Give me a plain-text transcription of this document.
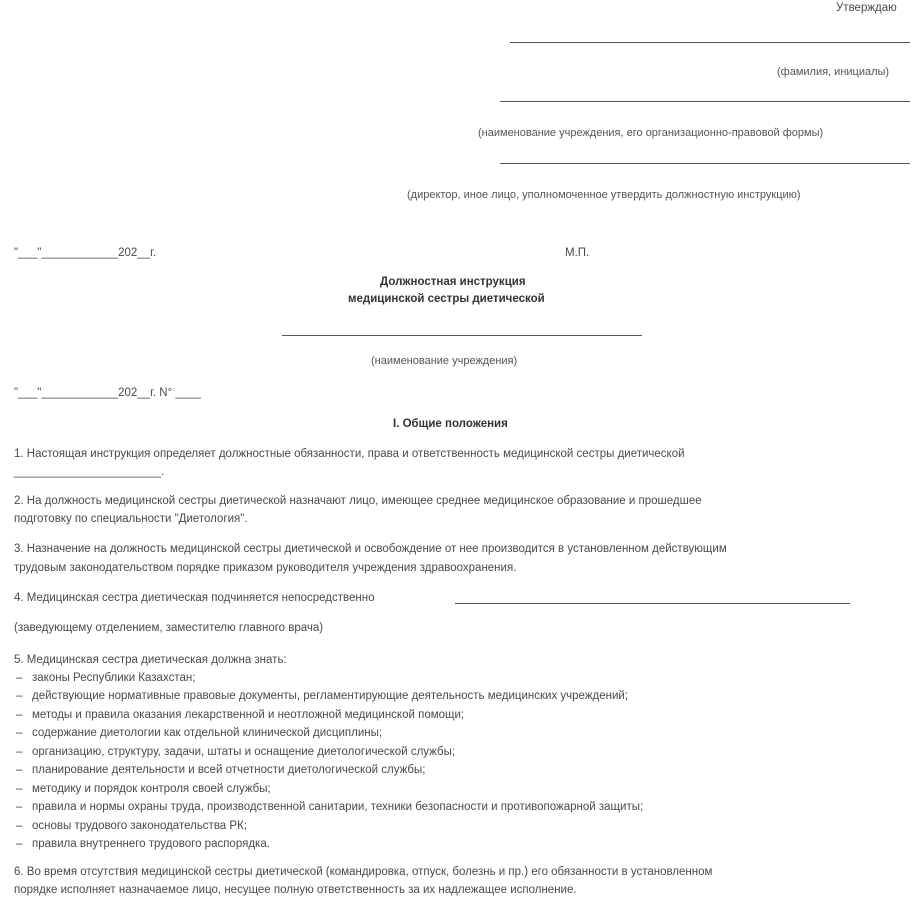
Утверждаю
(фамилия, инициалы)
(наименование учреждения, его организационно-правовой формы)
(директор, иное лицо, уполномоченное утвердить должностную инструкцию)
"___"____________202__г.	М.П.
Должностная инструкция
медицинской сестры диетической
(наименование учреждения)
"___"____________202__г. N° ____
I. Общие положения
1. Настоящая инструкция определяет должностные обязанности, права и ответственность медицинской сестры диетической
_______________________.
2. На должность медицинской сестры диетической назначают лицо, имеющее среднее медицинское образование и прошедшее
подготовку по специальности "Диетология".
3. Назначение на должность медицинской сестры диетической и освобождение от нее производится в установленном действующим
трудовым законодательством порядке приказом руководителя учреждения здравоохранения.
4. Медицинская сестра диетическая подчиняется непосредственно
(заведующему отделением, заместителю главного врача)
5. Медицинская сестра диетическая должна знать:
– законы Республики Казахстан;
– действующие нормативные правовые документы, регламентирующие деятельность медицинских учреждений;
– методы и правила оказания лекарственной и неотложной медицинской помощи;
– содержание диетологии как отдельной клинической дисциплины;
– организацию, структуру, задачи, штаты и оснащение диетологической службы;
– планирование деятельности и всей отчетности диетологической службы;
– методику и порядок контроля своей службы;
– правила и нормы охраны труда, производственной санитарии, техники безопасности и противопожарной защиты;
– основы трудового законодательства РК;
– правила внутреннего трудового распорядка.
6. Во время отсутствия медицинской сестры диетической (командировка, отпуск, болезнь и пр.) его обязанности в установленном
порядке исполняет назначаемое лицо, несущее полную ответственность за их надлежащее исполнение.
